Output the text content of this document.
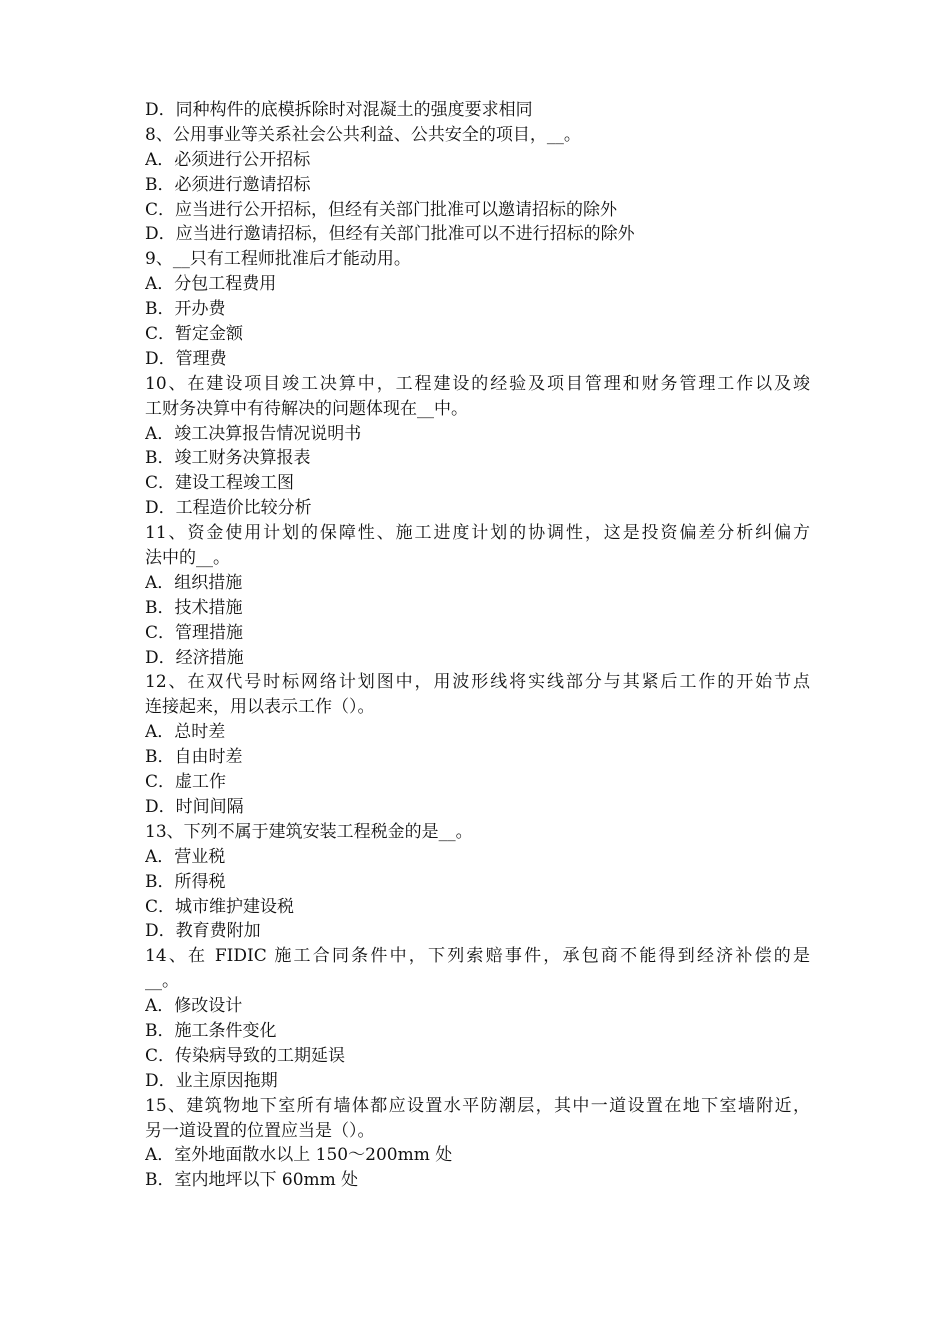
D．同种构件的底模拆除时对混凝土的强度要求相同
8、公用事业等关系社会公共利益、公共安全的项目，__。
A．必须进行公开招标
B．必须进行邀请招标
C．应当进行公开招标，但经有关部门批准可以邀请招标的除外
D．应当进行邀请招标，但经有关部门批准可以不进行招标的除外
9、__只有工程师批准后才能动用。
A．分包工程费用
B．开办费
C．暂定金额
D．管理费
10、在建设项目竣工决算中，工程建设的经验及项目管理和财务管理工作以及竣
工财务决算中有待解决的问题体现在__中。
A．竣工决算报告情况说明书
B．竣工财务决算报表
C．建设工程竣工图
D．工程造价比较分析
11、资金使用计划的保障性、施工进度计划的协调性，这是投资偏差分析纠偏方
法中的__。
A．组织措施
B．技术措施
C．管理措施
D．经济措施
12、在双代号时标网络计划图中，用波形线将实线部分与其紧后工作的开始节点
连接起来，用以表示工作（）。
A．总时差
B．自由时差
C．虚工作
D．时间间隔
13、下列不属于建筑安装工程税金的是__。
A．营业税
B．所得税
C．城市维护建设税
D．教育费附加
14、在 FIDIC 施工合同条件中，下列索赔事件，承包商不能得到经济补偿的是
__。
A．修改设计
B．施工条件变化
C．传染病导致的工期延误
D．业主原因拖期
15、建筑物地下室所有墙体都应设置水平防潮层，其中一道设置在地下室墙附近，
另一道设置的位置应当是（）。
A．室外地面散水以上 150～200mm 处
B．室内地坪以下 60mm 处
